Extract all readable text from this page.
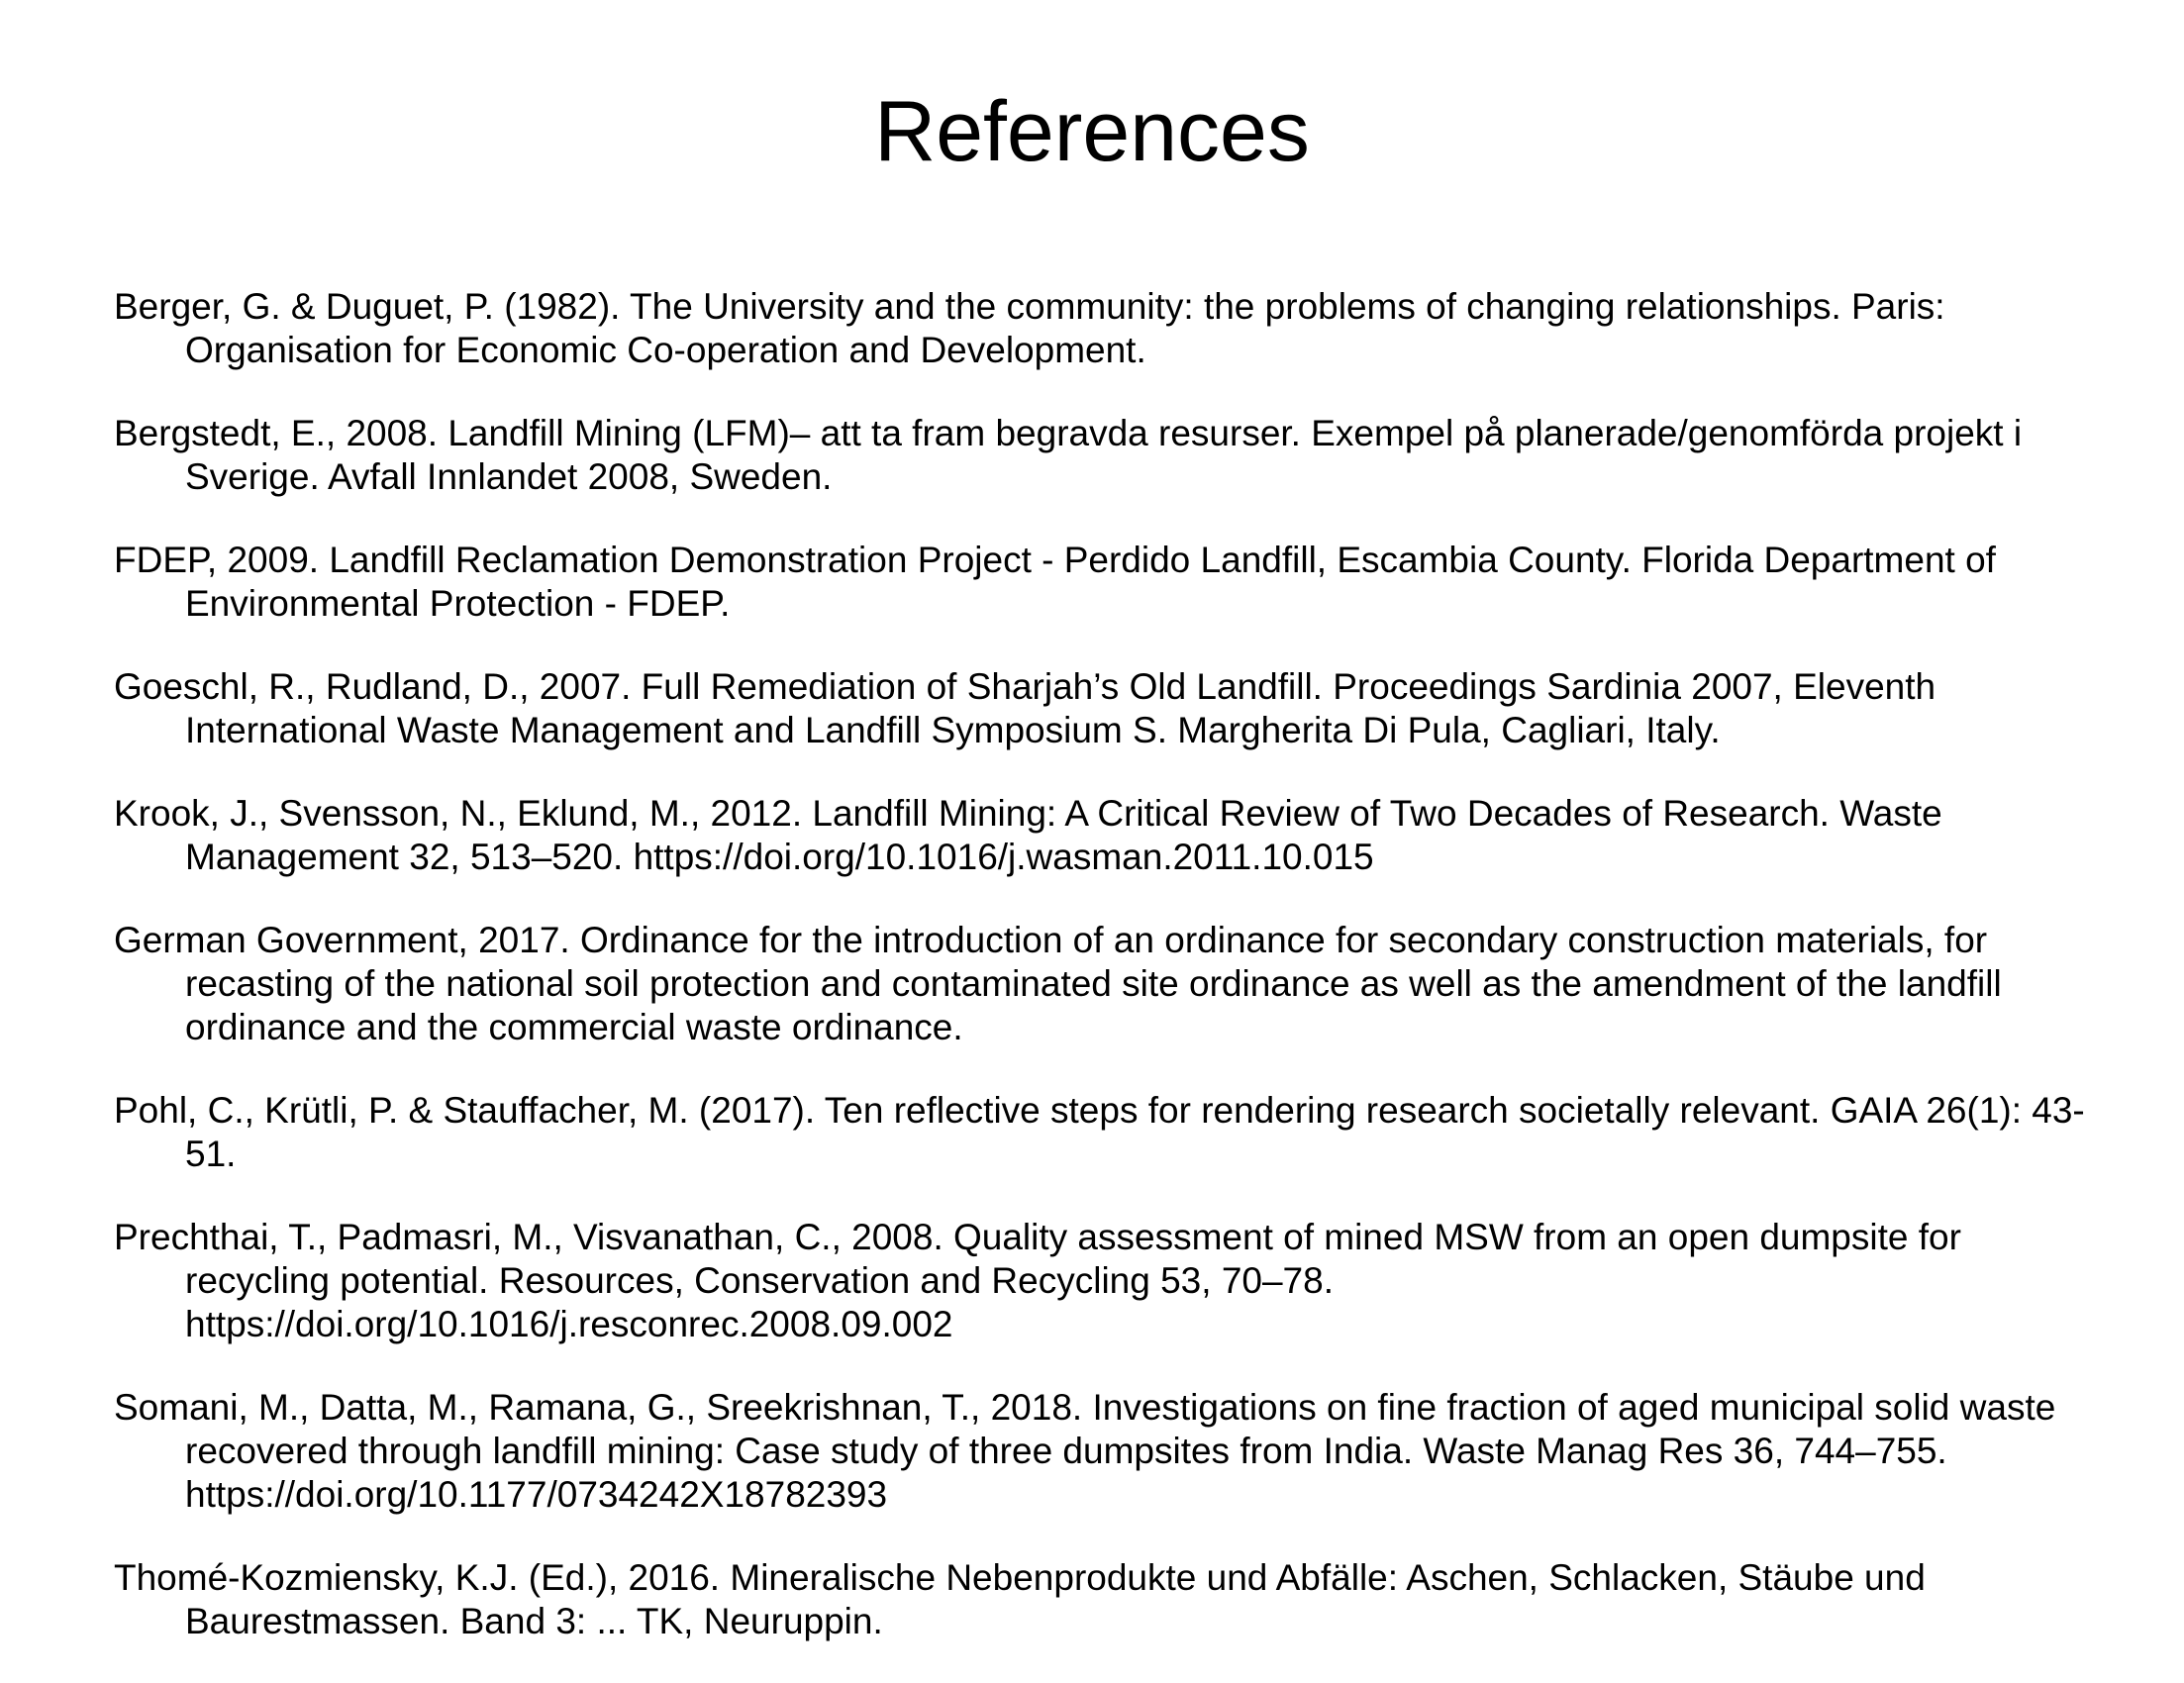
References
Berger, G. & Duguet, P. (1982). The University and the community: the problems of changing relationships. Paris: Organisation for Economic Co-operation and Development.
Bergstedt, E., 2008. Landfill Mining (LFM)– att ta fram begravda resurser. Exempel på planerade/genomförda projekt i Sverige. Avfall Innlandet 2008, Sweden.
FDEP, 2009. Landfill Reclamation Demonstration Project - Perdido Landfill, Escambia County. Florida Department of Environmental Protection - FDEP.
Goeschl, R., Rudland, D., 2007. Full Remediation of Sharjah’s Old Landfill. Proceedings Sardinia 2007, Eleventh International Waste Management and Landfill Symposium S. Margherita Di Pula, Cagliari, Italy.
Krook, J., Svensson, N., Eklund, M., 2012. Landfill Mining: A Critical Review of Two Decades of Research. Waste Management 32, 513–520. https://doi.org/10.1016/j.wasman.2011.10.015
German Government, 2017. Ordinance for the introduction of an ordinance for secondary construction materials, for recasting of the national soil protection and contaminated site ordinance as well as the amendment of the landfill ordinance and the commercial waste ordinance.
Pohl, C., Krütli, P. & Stauffacher, M. (2017). Ten reflective steps for rendering research societally relevant. GAIA 26(1): 43-51.
Prechthai, T., Padmasri, M., Visvanathan, C., 2008. Quality assessment of mined MSW from an open dumpsite for recycling potential. Resources, Conservation and Recycling 53, 70–78. https://doi.org/10.1016/j.resconrec.2008.09.002
Somani, M., Datta, M., Ramana, G., Sreekrishnan, T., 2018. Investigations on fine fraction of aged municipal solid waste recovered through landfill mining: Case study of three dumpsites from India. Waste Manag Res 36, 744–755. https://doi.org/10.1177/0734242X18782393
Thomé-Kozmiensky, K.J. (Ed.), 2016. Mineralische Nebenprodukte und Abfälle: Aschen, Schlacken, Stäube und Baurestmassen. Band 3: ... TK, Neuruppin.
